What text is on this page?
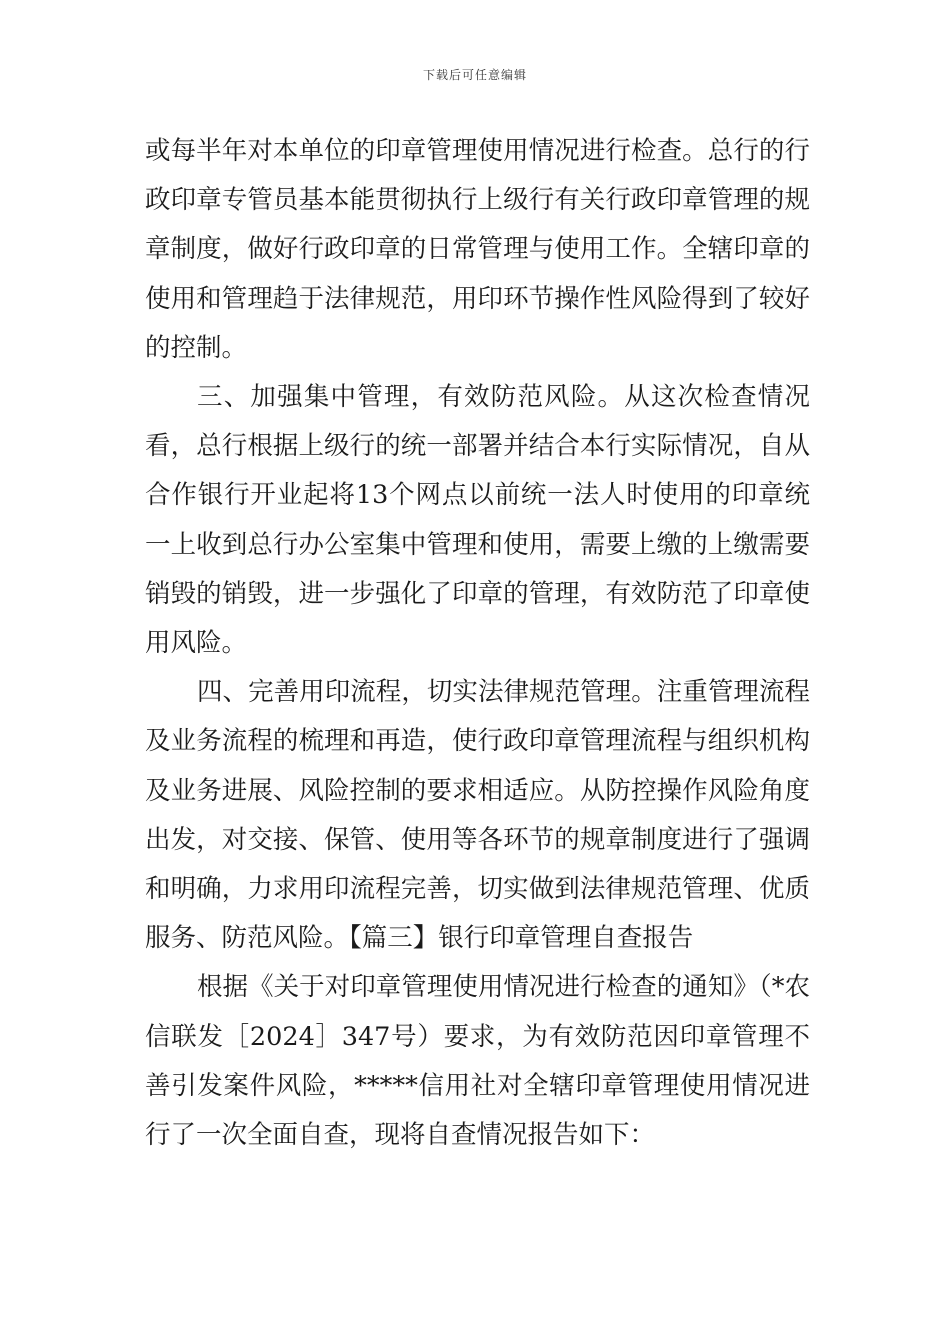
下载后可任意编辑

或每半年对本单位的印章管理使用情况进行检查。总行的行政印章专管员基本能贯彻执行上级行有关行政印章管理的规章制度，做好行政印章的日常管理与使用工作。全辖印章的使用和管理趋于法律规范，用印环节操作性风险得到了较好的控制。

三、加强集中管理，有效防范风险。从这次检查情况看，总行根据上级行的统一部署并结合本行实际情况，自从合作银行开业起将13个网点以前统一法人时使用的印章统一上收到总行办公室集中管理和使用，需要上缴的上缴需要销毁的销毁，进一步强化了印章的管理，有效防范了印章使用风险。

四、完善用印流程，切实法律规范管理。注重管理流程及业务流程的梳理和再造，使行政印章管理流程与组织机构及业务进展、风险控制的要求相适应。从防控操作风险角度出发，对交接、保管、使用等各环节的规章制度进行了强调和明确，力求用印流程完善，切实做到法律规范管理、优质服务、防范风险。【篇三】银行印章管理自查报告

根据《关于对印章管理使用情况进行检查的通知》（*农信联发［2024］347号）要求，为有效防范因印章管理不善引发案件风险，*****信用社对全辖印章管理使用情况进行了一次全面自查，现将自查情况报告如下：
